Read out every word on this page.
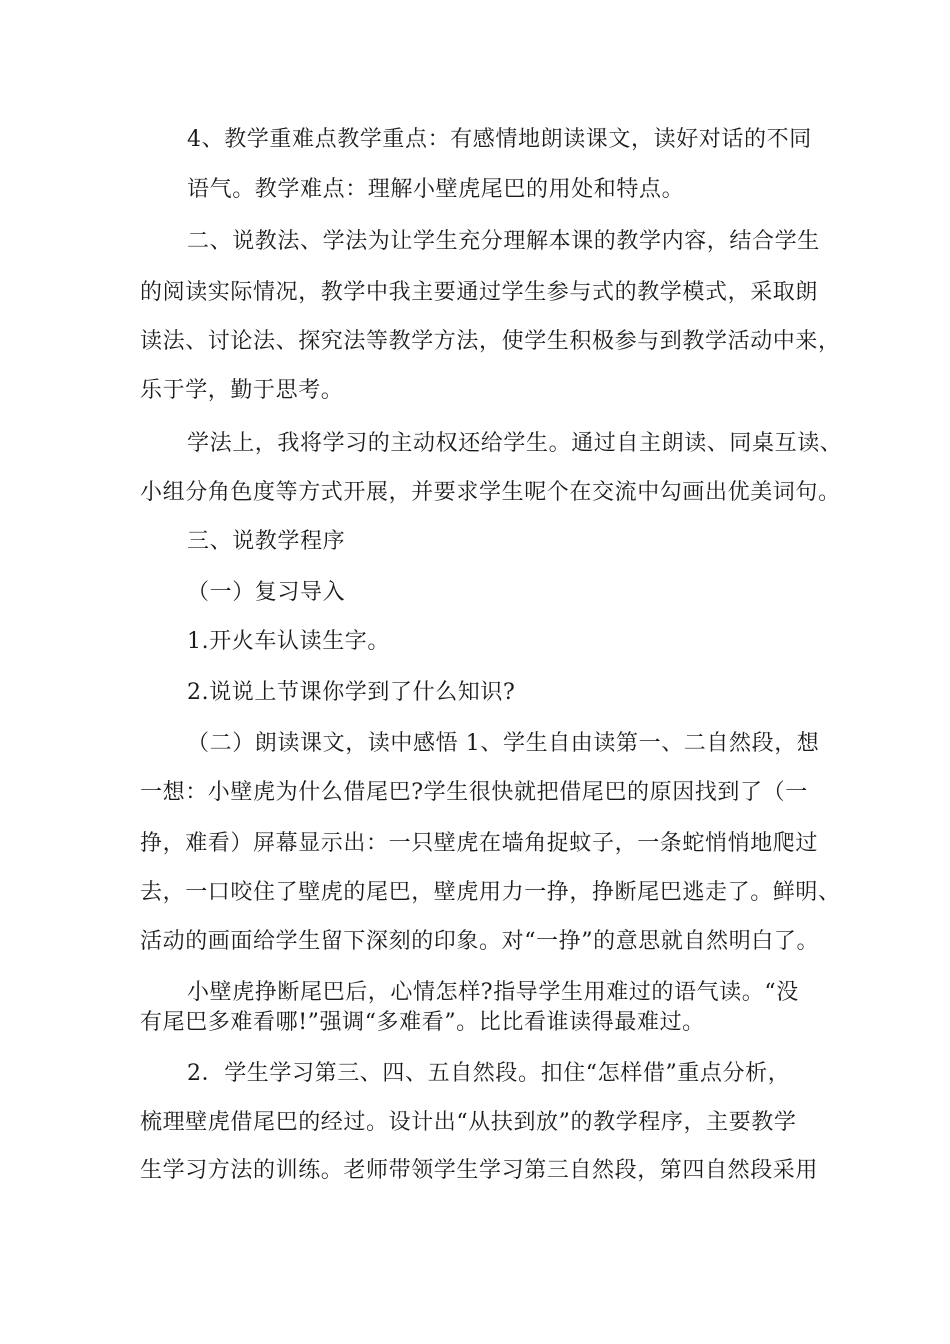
4、教学重难点教学重点：有感情地朗读课文，读好对话的不同
语气。教学难点：理解小壁虎尾巴的用处和特点。
二、说教法、学法为让学生充分理解本课的教学内容，结合学生
的阅读实际情况，教学中我主要通过学生参与式的教学模式，采取朗
读法、讨论法、探究法等教学方法，使学生积极参与到教学活动中来，
乐于学，勤于思考。
学法上，我将学习的主动权还给学生。通过自主朗读、同桌互读、
小组分角色度等方式开展，并要求学生呢个在交流中勾画出优美词句。
三、说教学程序
（一）复习导入
1.开火车认读生字。
2.说说上节课你学到了什么知识?
（二）朗读课文，读中感悟 1、学生自由读第一、二自然段，想
一想：小壁虎为什么借尾巴?学生很快就把借尾巴的原因找到了（一
挣，难看）屏幕显示出：一只壁虎在墙角捉蚊子，一条蛇悄悄地爬过
去，一口咬住了壁虎的尾巴，壁虎用力一挣，挣断尾巴逃走了。鲜明、
活动的画面给学生留下深刻的印象。对“一挣”的意思就自然明白了。
小壁虎挣断尾巴后，心情怎样?指导学生用难过的语气读。“没
有尾巴多难看哪!”强调“多难看”。比比看谁读得最难过。
2．学生学习第三、四、五自然段。扣住“怎样借”重点分析，
梳理壁虎借尾巴的经过。设计出“从扶到放”的教学程序，主要教学
生学习方法的训练。老师带领学生学习第三自然段，第四自然段采用
